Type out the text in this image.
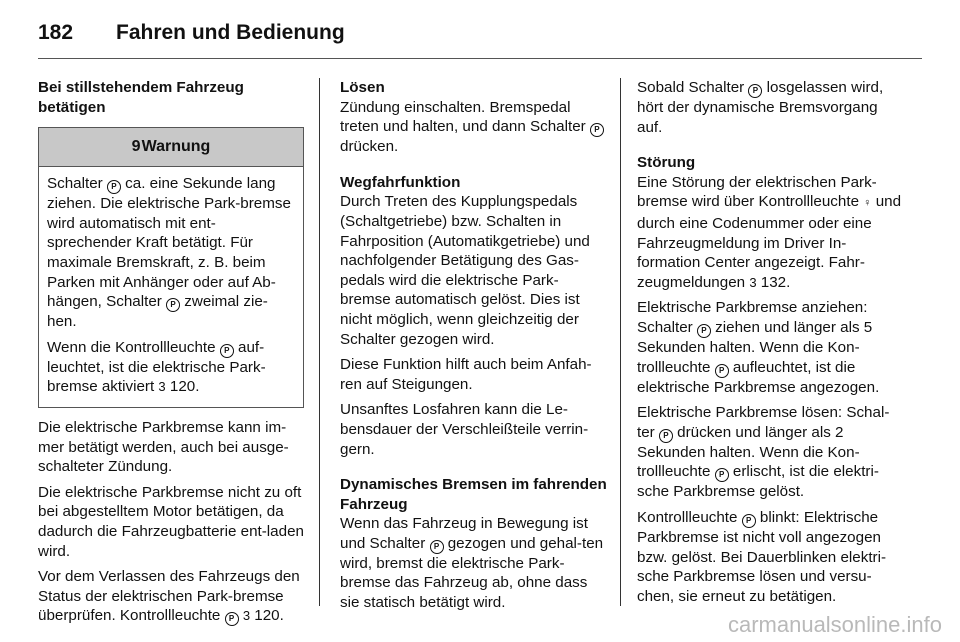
182 Fahren und Bedienung

Bei stillstehendem Fahrzeug betätigen

9 Warnung

Schalter P ca. eine Sekunde lang ziehen. Die elektrische Park-bremse wird automatisch mit ent-sprechender Kraft betätigt. Für maximale Bremskraft, z. B. beim Parken mit Anhänger oder auf Ab-hängen, Schalter P zweimal zie-hen.

Wenn die Kontrollleuchte P auf-leuchtet, ist die elektrische Park-bremse aktiviert 3 120.

Die elektrische Parkbremse kann im-mer betätigt werden, auch bei ausge-schalteter Zündung.

Die elektrische Parkbremse nicht zu oft bei abgestelltem Motor betätigen, da dadurch die Fahrzeugbatterie ent-laden wird.

Vor dem Verlassen des Fahrzeugs den Status der elektrischen Park-bremse überprüfen. Kontrollleuchte P 3 120.

Lösen

Zündung einschalten. Bremspedal treten und halten, und dann Schalter P drücken.

Wegfahrfunktion

Durch Treten des Kupplungspedals (Schaltgetriebe) bzw. Schalten in Fahrposition (Automatikgetriebe) und nachfolgender Betätigung des Gas-pedals wird die elektrische Park-bremse automatisch gelöst. Dies ist nicht möglich, wenn gleichzeitig der Schalter gezogen wird.

Diese Funktion hilft auch beim Anfah-ren auf Steigungen.

Unsanftes Losfahren kann die Le-bensdauer der Verschleißteile verrin-gern.

Dynamisches Bremsen im fahrenden Fahrzeug

Wenn das Fahrzeug in Bewegung ist und Schalter P gezogen und gehal-ten wird, bremst die elektrische Park-bremse das Fahrzeug ab, ohne dass sie statisch betätigt wird.

Sobald Schalter P losgelassen wird, hört der dynamische Bremsvorgang auf.

Störung

Eine Störung der elektrischen Park-bremse wird über Kontrollleuchte ♀ und durch eine Codenummer oder eine Fahrzeugmeldung im Driver In-formation Center angezeigt. Fahr-zeugmeldungen 3 132.

Elektrische Parkbremse anziehen: Schalter P ziehen und länger als 5 Sekunden halten. Wenn die Kon-trollleuchte P aufleuchtet, ist die elektrische Parkbremse angezogen.

Elektrische Parkbremse lösen: Schal-ter P drücken und länger als 2 Sekunden halten. Wenn die Kon-trollleuchte P erlischt, ist die elektri-sche Parkbremse gelöst.

Kontrollleuchte P blinkt: Elektrische Parkbremse ist nicht voll angezogen bzw. gelöst. Bei Dauerblinken elektri-sche Parkbremse lösen und versu-chen, sie erneut zu betätigen.

carmanualsonline.info
